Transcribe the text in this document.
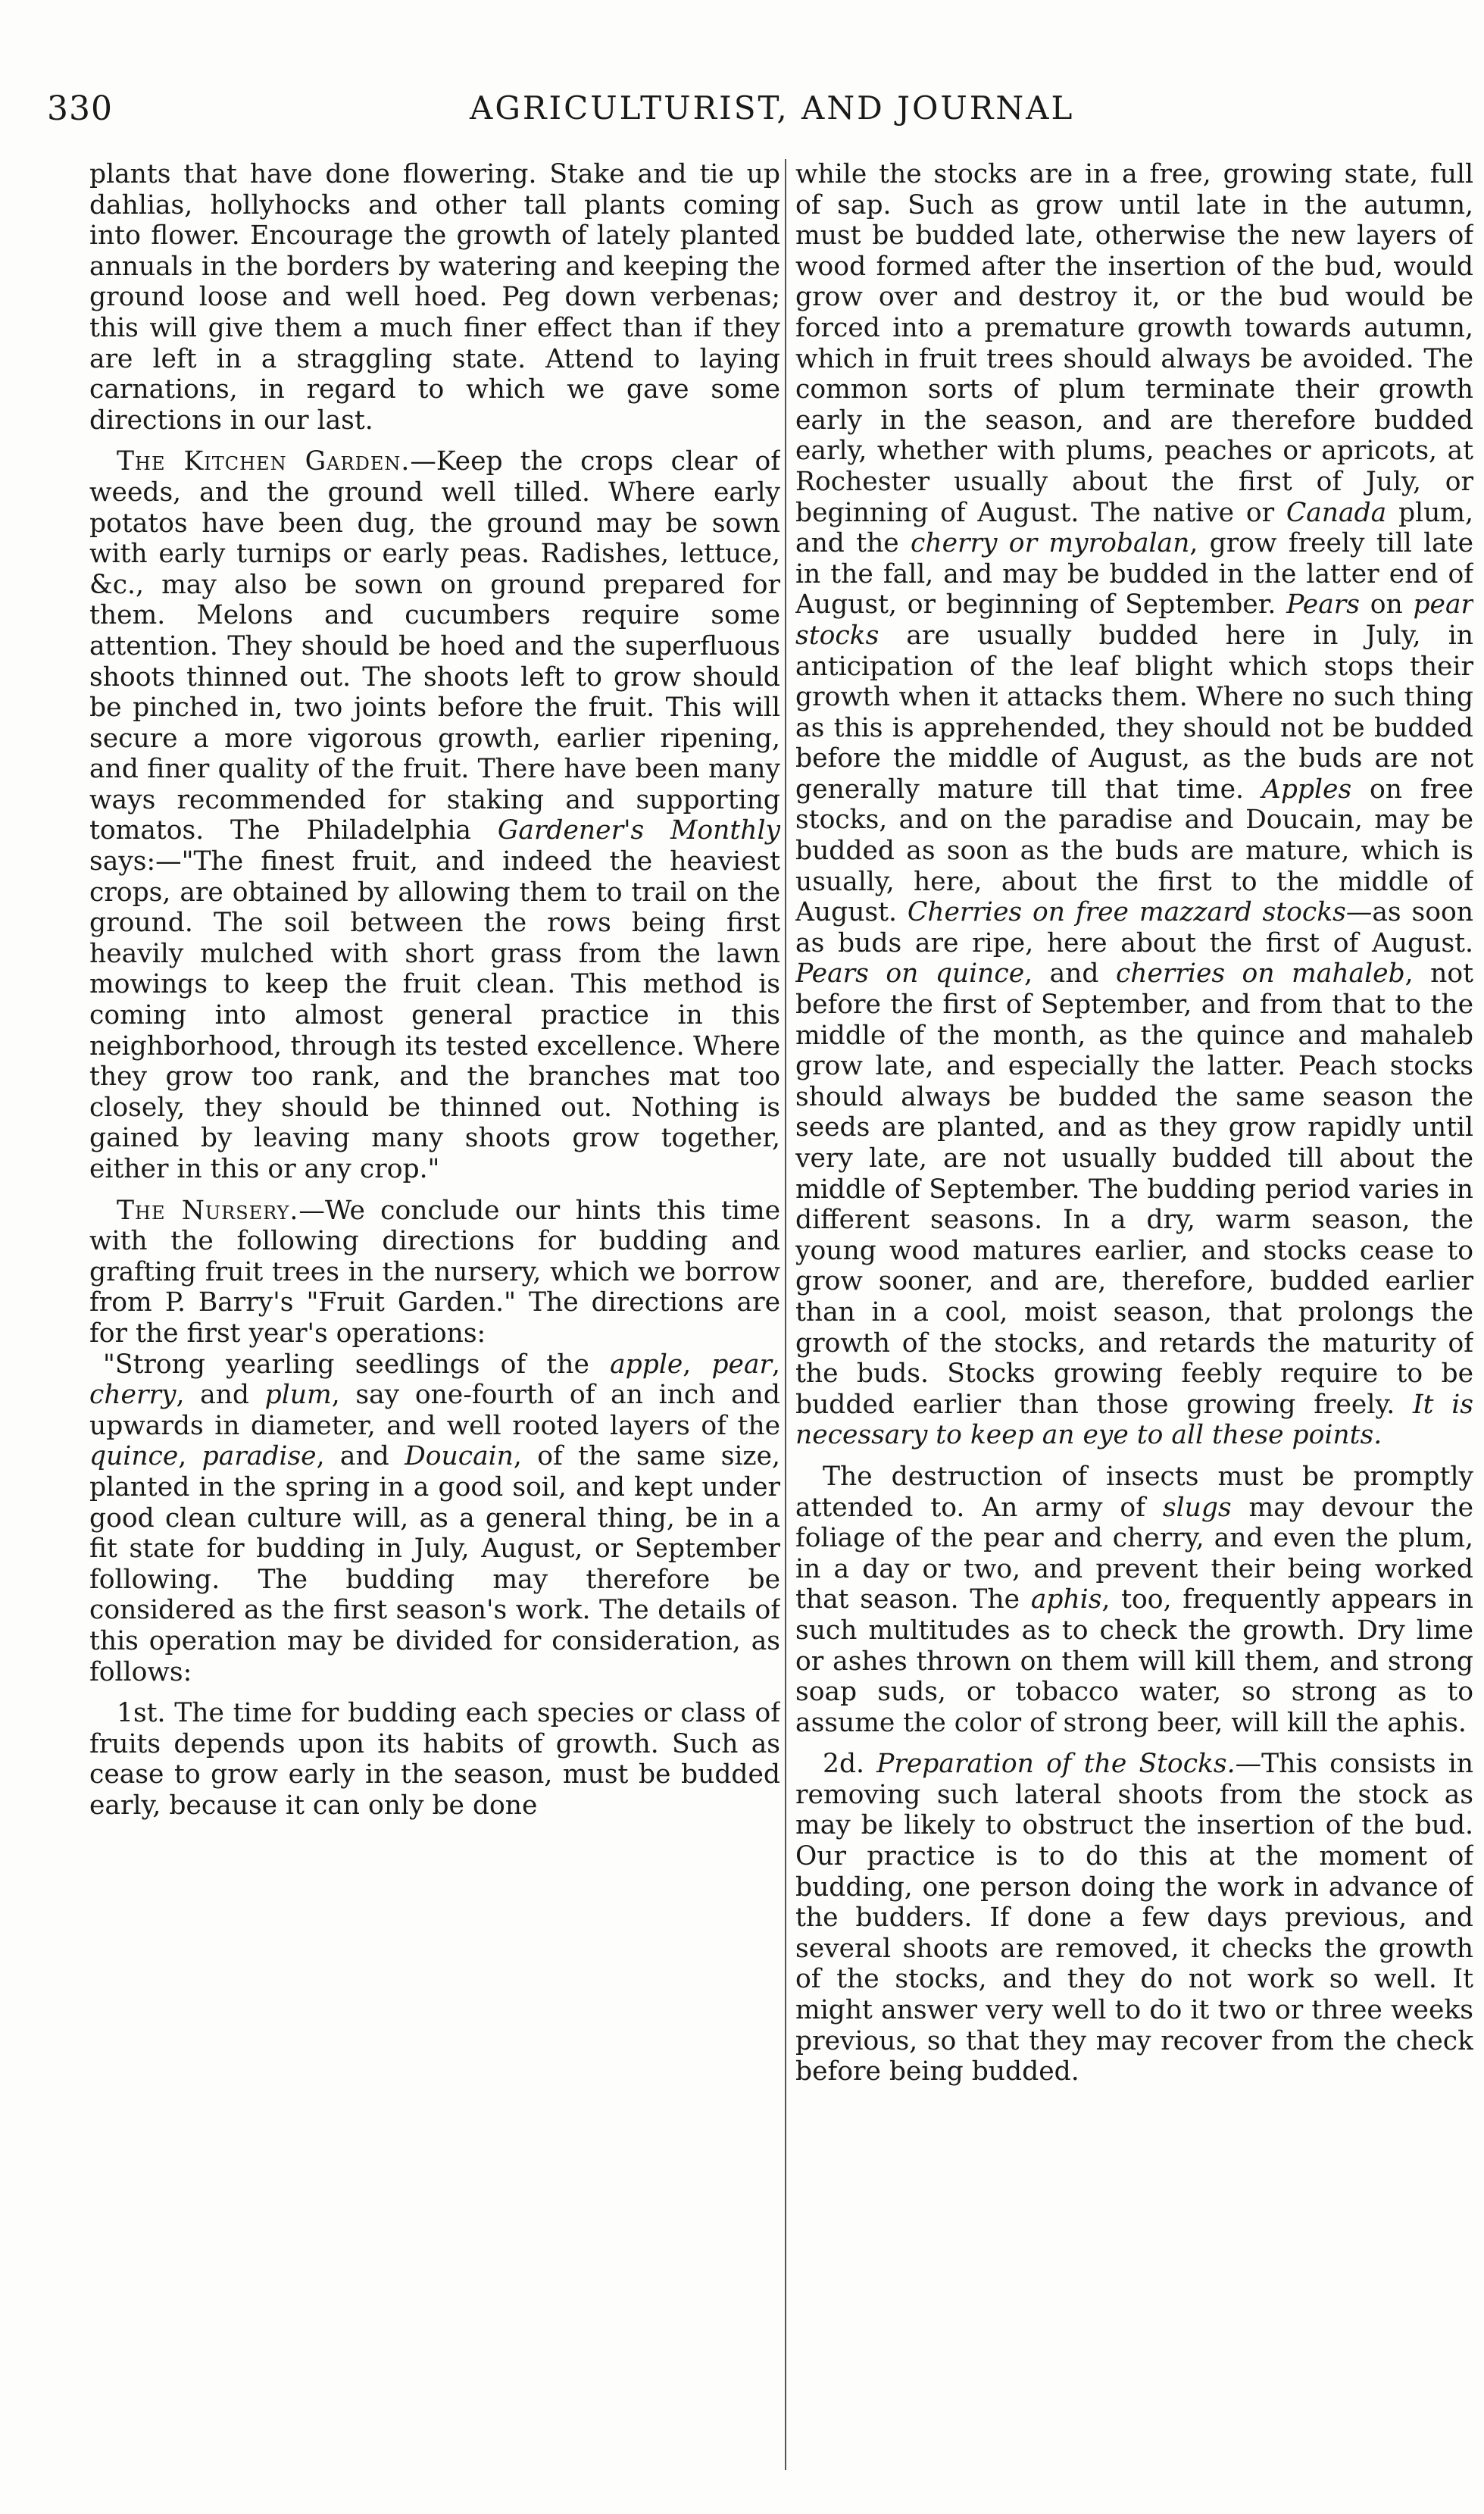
330	AGRICULTURIST, AND JOURNAL

plants that have done flowering. Stake and tie up dahlias, hollyhocks and other tall plants coming into flower. Encourage the growth of lately planted annuals in the borders by watering and keeping the ground loose and well hoed. Peg down verbenas; this will give them a much finer effect than if they are left in a straggling state. Attend to laying carnations, in regard to which we gave some directions in our last.

The Kitchen Garden.—Keep the crops clear of weeds, and the ground well tilled. Where early potatos have been dug, the ground may be sown with early turnips or early peas. Radishes, lettuce, &c., may also be sown on ground prepared for them. Melons and cucumbers require some attention. They should be hoed and the superfluous shoots thinned out. The shoots left to grow should be pinched in, two joints before the fruit. This will secure a more vigorous growth, earlier ripening, and finer quality of the fruit. There have been many ways recommended for staking and supporting tomatos. The Philadelphia Gardener's Monthly says:—"The finest fruit, and indeed the heaviest crops, are obtained by allowing them to trail on the ground. The soil between the rows being first heavily mulched with short grass from the lawn mowings to keep the fruit clean. This method is coming into almost general practice in this neighborhood, through its tested excellence. Where they grow too rank, and the branches mat too closely, they should be thinned out. Nothing is gained by leaving many shoots grow together, either in this or any crop."

The Nursery.—We conclude our hints this time with the following directions for budding and grafting fruit trees in the nursery, which we borrow from P. Barry's "Fruit Garden." The directions are for the first year's operations:

"Strong yearling seedlings of the apple, pear, cherry, and plum, say one-fourth of an inch and upwards in diameter, and well rooted layers of the quince, paradise, and Doucain, of the same size, planted in the spring in a good soil, and kept under good clean culture will, as a general thing, be in a fit state for budding in July, August, or September following. The budding may therefore be considered as the first season's work. The details of this operation may be divided for consideration, as follows:

1st. The time for budding each species or class of fruits depends upon its habits of growth. Such as cease to grow early in the season, must be budded early, because it can only be done

while the stocks are in a free, growing state, full of sap. Such as grow until late in the autumn, must be budded late, otherwise the new layers of wood formed after the insertion of the bud, would grow over and destroy it, or the bud would be forced into a premature growth towards autumn, which in fruit trees should always be avoided. The common sorts of plum terminate their growth early in the season, and are therefore budded early, whether with plums, peaches or apricots, at Rochester usually about the first of July, or beginning of August. The native or Canada plum, and the cherry or myrobalan, grow freely till late in the fall, and may be budded in the latter end of August, or beginning of September. Pears on pear stocks are usually budded here in July, in anticipation of the leaf blight which stops their growth when it attacks them. Where no such thing as this is apprehended, they should not be budded before the middle of August, as the buds are not generally mature till that time. Apples on free stocks, and on the paradise and Doucain, may be budded as soon as the buds are mature, which is usually, here, about the first to the middle of August. Cherries on free mazzard stocks—as soon as buds are ripe, here about the first of August. Pears on quince, and cherries on mahaleb, not before the first of September, and from that to the middle of the month, as the quince and mahaleb grow late, and especially the latter. Peach stocks should always be budded the same season the seeds are planted, and as they grow rapidly until very late, are not usually budded till about the middle of September. The budding period varies in different seasons. In a dry, warm season, the young wood matures earlier, and stocks cease to grow sooner, and are, therefore, budded earlier than in a cool, moist season, that prolongs the growth of the stocks, and retards the maturity of the buds. Stocks growing feebly require to be budded earlier than those growing freely. It is necessary to keep an eye to all these points.

The destruction of insects must be promptly attended to. An army of slugs may devour the foliage of the pear and cherry, and even the plum, in a day or two, and prevent their being worked that season. The aphis, too, frequently appears in such multitudes as to check the growth. Dry lime or ashes thrown on them will kill them, and strong soap suds, or tobacco water, so strong as to assume the color of strong beer, will kill the aphis.

2d. Preparation of the Stocks.—This consists in removing such lateral shoots from the stock as may be likely to obstruct the insertion of the bud. Our practice is to do this at the moment of budding, one person doing the work in advance of the budders. If done a few days previous, and several shoots are removed, it checks the growth of the stocks, and they do not work so well. It might answer very well to do it two or three weeks previous, so that they may recover from the check before being budded.
